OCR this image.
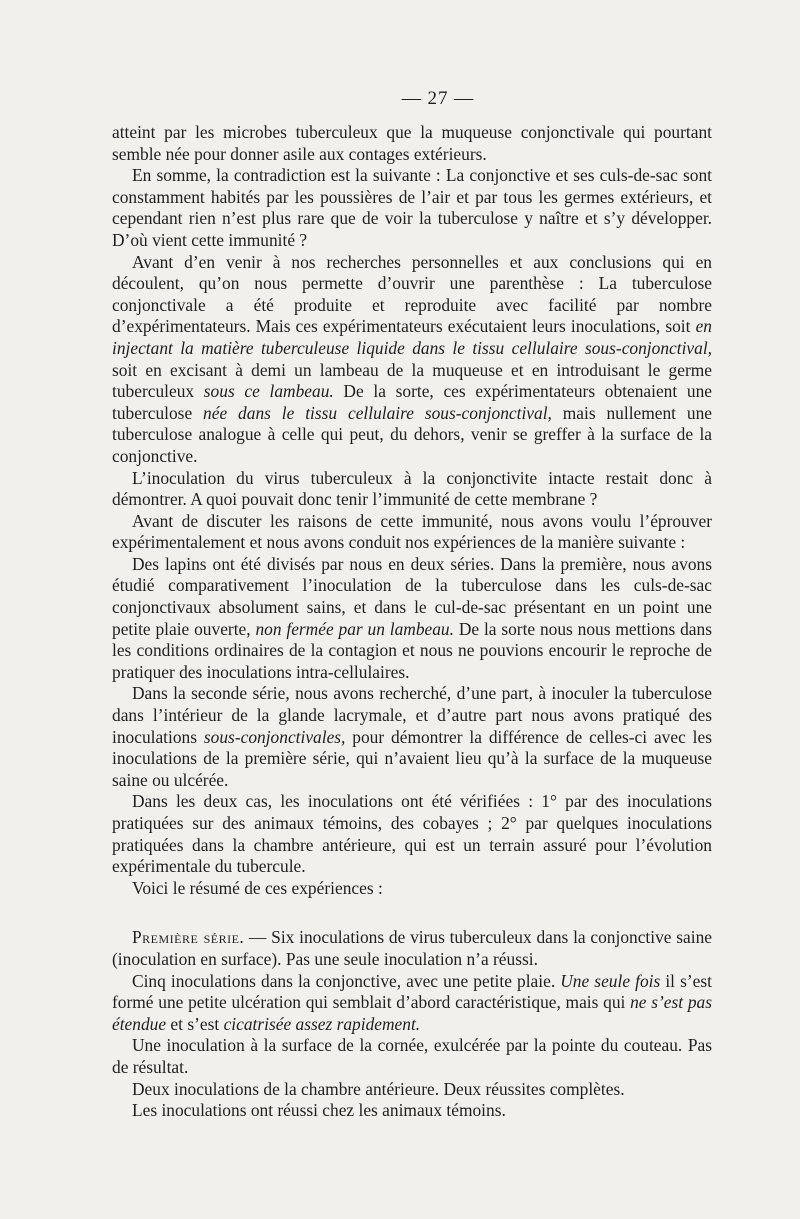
— 27 —

atteint par les microbes tuberculeux que la muqueuse conjonctivale qui pourtant semble née pour donner asile aux contages extérieurs.

En somme, la contradiction est la suivante : La conjonctive et ses culs-de-sac sont constamment habités par les poussières de l’air et par tous les germes extérieurs, et cependant rien n’est plus rare que de voir la tuberculose y naître et s’y développer. D’où vient cette immunité ?

Avant d’en venir à nos recherches personnelles et aux conclusions qui en découlent, qu’on nous permette d’ouvrir une parenthèse : La tuberculose conjonctivale a été produite et reproduite avec facilité par nombre d’expérimentateurs. Mais ces expérimentateurs exécutaient leurs inoculations, soit en injectant la matière tuberculeuse liquide dans le tissu cellulaire sous-conjonctival, soit en excisant à demi un lambeau de la muqueuse et en introduisant le germe tuberculeux sous ce lambeau. De la sorte, ces expérimentateurs obtenaient une tuberculose née dans le tissu cellulaire sous-conjonctival, mais nullement une tuberculose analogue à celle qui peut, du dehors, venir se greffer à la surface de la conjonctive.

L’inoculation du virus tuberculeux à la conjonctivite intacte restait donc à démontrer. A quoi pouvait donc tenir l’immunité de cette membrane ?

Avant de discuter les raisons de cette immunité, nous avons voulu l’éprouver expérimentalement et nous avons conduit nos expériences de la manière suivante :

Des lapins ont été divisés par nous en deux séries. Dans la première, nous avons étudié comparativement l’inoculation de la tuberculose dans les culs-de-sac conjonctivaux absolument sains, et dans le cul-de-sac présentant en un point une petite plaie ouverte, non fermée par un lambeau. De la sorte nous nous mettions dans les conditions ordinaires de la contagion et nous ne pouvions encourir le reproche de pratiquer des inoculations intra-cellulaires.

Dans la seconde série, nous avons recherché, d’une part, à inoculer la tuberculose dans l’intérieur de la glande lacrymale, et d’autre part nous avons pratiqué des inoculations sous-conjonctivales, pour démontrer la différence de celles-ci avec les inoculations de la première série, qui n’avaient lieu qu’à la surface de la muqueuse saine ou ulcérée.

Dans les deux cas, les inoculations ont été vérifiées : 1° par des inoculations pratiquées sur des animaux témoins, des cobayes ; 2° par quelques inoculations pratiquées dans la chambre antérieure, qui est un terrain assuré pour l’évolution expérimentale du tubercule.

Voici le résumé de ces expériences :

Première série. — Six inoculations de virus tuberculeux dans la conjonctive saine (inoculation en surface). Pas une seule inoculation n’a réussi.

Cinq inoculations dans la conjonctive, avec une petite plaie. Une seule fois il s’est formé une petite ulcération qui semblait d’abord caractéristique, mais qui ne s’est pas étendue et s’est cicatrisée assez rapidement.

Une inoculation à la surface de la cornée, exulcérée par la pointe du couteau. Pas de résultat.

Deux inoculations de la chambre antérieure. Deux réussites complètes.

Les inoculations ont réussi chez les animaux témoins.
